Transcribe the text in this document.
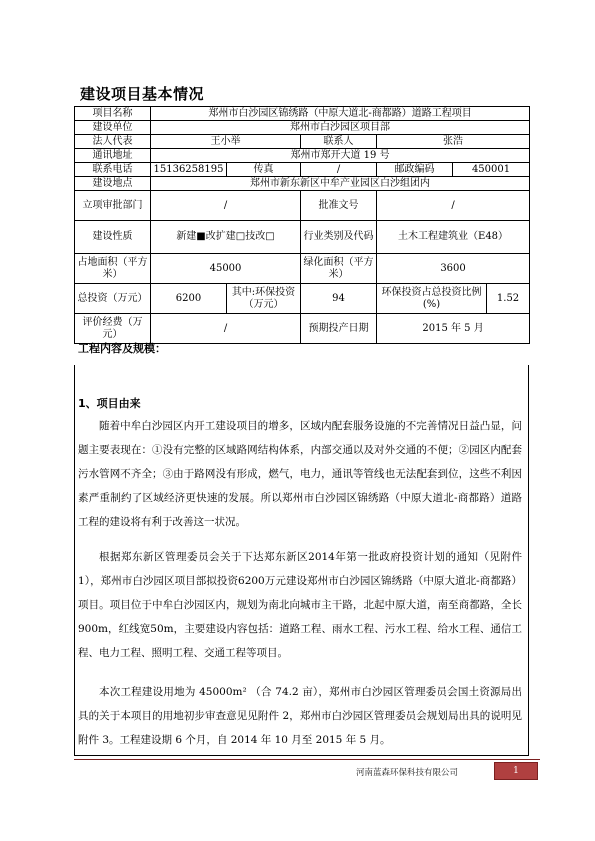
建设项目基本情况
项目名称	郑州市白沙园区锦绣路（中原大道北-商都路）道路工程项目					
建设单位	郑州市白沙园区项目部					
法人代表	王小举		联系人	张浩		
通讯地址	郑州市郑开大道 19 号					
联系电话	15136258195	传真	/	邮政编码	450001	
建设地点	郑州市新东新区中牟产业园区白沙组团内					
立项审批部门	/		批准文号	/		
建设性质	新建■改扩建□技改□		行业类别及代码	土木工程建筑业（E48）		
占地面积（平方米）	45000		绿化面积（平方米）	3600		
总投资（万元）	6200	其中:环保投资（万元）	94	环保投资占总投资比例(%)		1.52
评价经费（万元）	/		预期投产日期	2015 年 5 月		
工程内容及规模：
1、项目由来
随着中牟白沙园区内开工建设项目的增多，区域内配套服务设施的不完善情况日益凸显，问题主要表现在：①没有完整的区域路网结构体系，内部交通以及对外交通的不便；②园区内配套污水管网不齐全；③由于路网没有形成，燃气，电力，通讯等管线也无法配套到位，这些不利因素严重制约了区域经济更快速的发展。所以郑州市白沙园区锦绣路（中原大道北-商都路）道路工程的建设将有利于改善这一状况。
根据郑东新区管理委员会关于下达郑东新区2014年第一批政府投资计划的通知（见附件1），郑州市白沙园区项目部拟投资6200万元建设郑州市白沙园区锦绣路（中原大道北-商都路）项目。项目位于中牟白沙园区内，规划为南北向城市主干路，北起中原大道，南至商都路，全长900m，红线宽50m，主要建设内容包括：道路工程、雨水工程、污水工程、给水工程、通信工程、电力工程、照明工程、交通工程等项目。
本次工程建设用地为 45000m² （合 74.2 亩），郑州市白沙园区管理委员会国土资源局出具的关于本项目的用地初步审查意见见附件 2，郑州市白沙园区管理委员会规划局出具的说明见附件 3。工程建设期 6 个月，自 2014 年 10 月至 2015 年 5 月。
河南蓝森环保科技有限公司	1
